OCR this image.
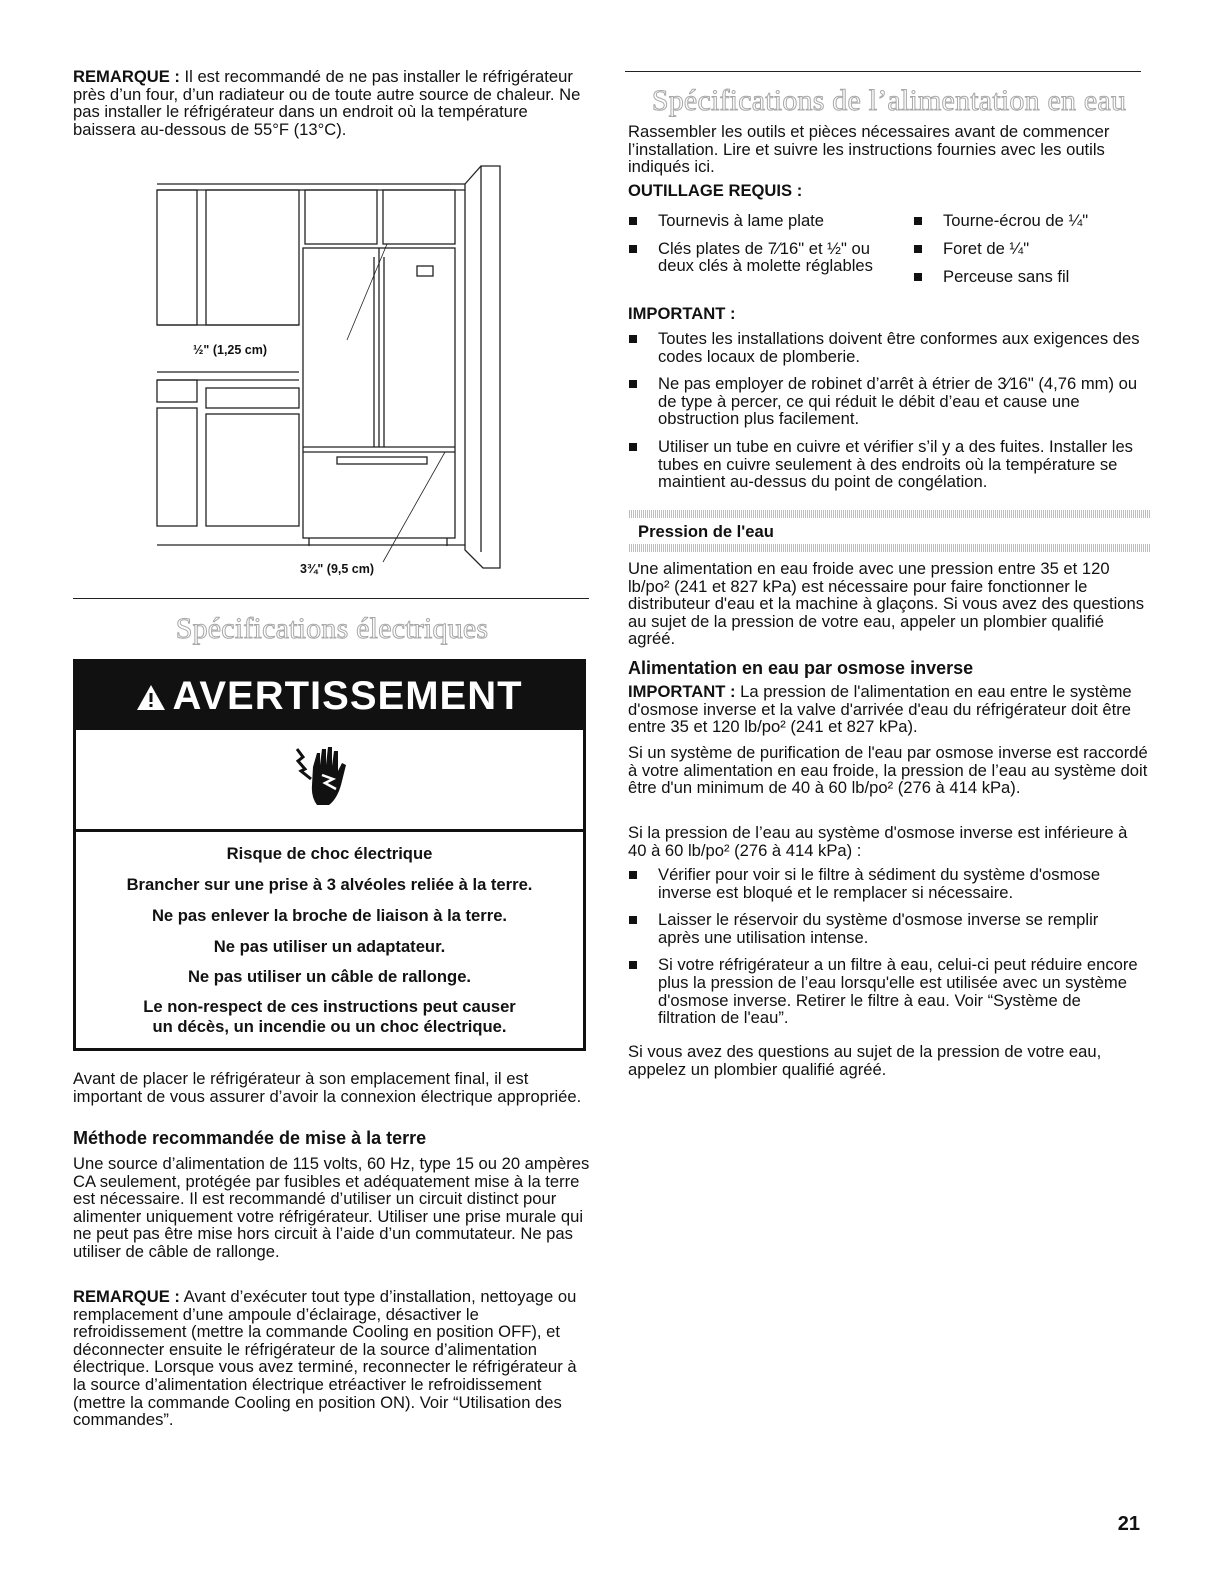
REMARQUE : Il est recommandé de ne pas installer le réfrigérateur près d’un four, d’un radiateur ou de toute autre source de chaleur. Ne pas installer le réfrigérateur dans un endroit où la température baissera au-dessous de 55°F (13°C).

½" (1,25 cm)
3¾" (9,5 cm)
Spécifications électriques
AVERTISSEMENT
Risque de choc électrique
Brancher sur une prise à 3 alvéoles reliée à la terre.
Ne pas enlever la broche de liaison à la terre.
Ne pas utiliser un adaptateur.
Ne pas utiliser un câble de rallonge.
Le non-respect de ces instructions peut causer
un décès, un incendie ou un choc électrique.

Avant de placer le réfrigérateur à son emplacement final, il est important de vous assurer d’avoir la connexion électrique appropriée.

Méthode recommandée de mise à la terre

Une source d’alimentation de 115 volts, 60 Hz, type 15 ou 20 ampères CA seulement, protégée par fusibles et adéquatement mise à la terre est nécessaire. Il est recommandé d’utiliser un circuit distinct pour alimenter uniquement votre réfrigérateur. Utiliser une prise murale qui ne peut pas être mise hors circuit à l’aide d’un commutateur. Ne pas utiliser de câble de rallonge.

REMARQUE : Avant d’exécuter tout type d’installation, nettoyage ou remplacement d’une ampoule d’éclairage, désactiver le refroidissement (mettre la commande Cooling en position OFF), et déconnecter ensuite le réfrigérateur de la source d’alimentation électrique. Lorsque vous avez terminé, reconnecter le réfrigérateur à la source d’alimentation électrique etréactiver le refroidissement (mettre la commande Cooling en position ON). Voir “Utilisation des commandes”.

Spécifications de l’alimentation en eau

Rassembler les outils et pièces nécessaires avant de commencer l’installation. Lire et suivre les instructions fournies avec les outils indiqués ici.

OUTILLAGE REQUIS :
Tournevis à lame plate
Clés plates de 7⁄16" et ½" ou deux clés à molette réglables
Tourne-écrou de ¼"
Foret de ¼"
Perceuse sans fil
IMPORTANT :
Toutes les installations doivent être conformes aux exigences des codes locaux de plomberie.
Ne pas employer de robinet d’arrêt à étrier de 3⁄16" (4,76 mm) ou de type à percer, ce qui réduit le débit d’eau et cause une obstruction plus facilement.
Utiliser un tube en cuivre et vérifier s’il y a des fuites. Installer les tubes en cuivre seulement à des endroits où la température se maintient au-dessus du point de congélation.
Pression de l'eau

Une alimentation en eau froide avec une pression entre 35 et 120 lb/po² (241 et 827 kPa) est nécessaire pour faire fonctionner le distributeur d'eau et la machine à glaçons. Si vous avez des questions au sujet de la pression de votre eau, appeler un plombier qualifié agréé.

Alimentation en eau par osmose inverse

IMPORTANT : La pression de l'alimentation en eau entre le système d'osmose inverse et la valve d'arrivée d'eau du réfrigérateur doit être entre 35 et 120 lb/po² (241 et 827 kPa).

Si un système de purification de l'eau par osmose inverse est raccordé à votre alimentation en eau froide, la pression de l’eau au système doit être d'un minimum de 40 à 60 lb/po² (276 à 414 kPa).

Si la pression de l’eau au système d'osmose inverse est inférieure à 40 à 60 lb/po² (276 à 414 kPa) :

Vérifier pour voir si le filtre à sédiment du système d'osmose inverse est bloqué et le remplacer si nécessaire.
Laisser le réservoir du système d'osmose inverse se remplir après une utilisation intense.
Si votre réfrigérateur a un filtre à eau, celui-ci peut réduire encore plus la pression de l’eau lorsqu'elle est utilisée avec un système d'osmose inverse. Retirer le filtre à eau. Voir “Système de filtration de l'eau”.

Si vous avez des questions au sujet de la pression de votre eau, appelez un plombier qualifié agréé.

21
